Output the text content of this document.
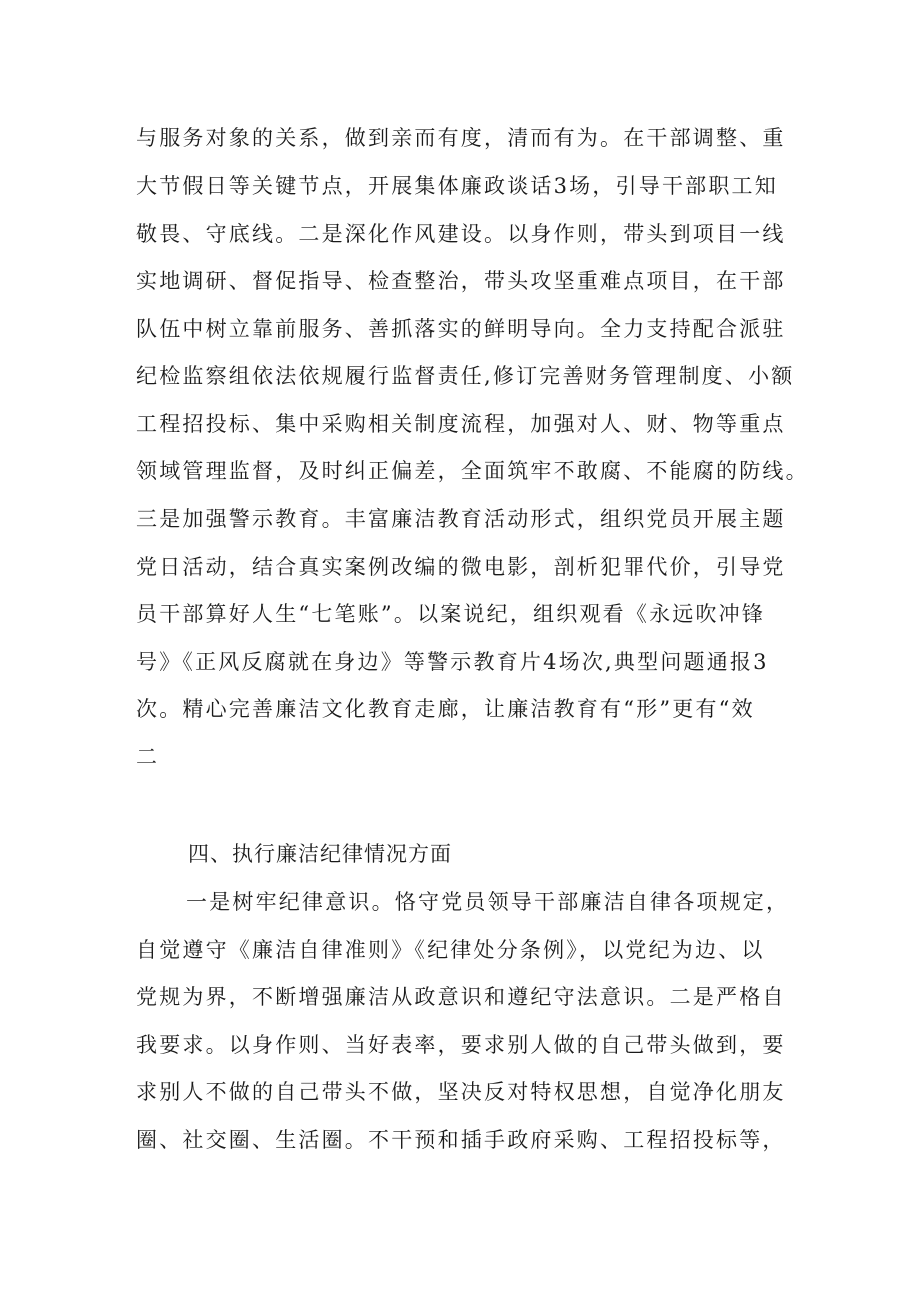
与服务对象的关系，做到亲而有度，清而有为。在干部调整、重
大节假日等关键节点，开展集体廉政谈话3场，引导干部职工知
敬畏、守底线。二是深化作风建设。以身作则，带头到项目一线
实地调研、督促指导、检查整治，带头攻坚重难点项目，在干部
队伍中树立靠前服务、善抓落实的鲜明导向。全力支持配合派驻
纪检监察组依法依规履行监督责任,修订完善财务管理制度、小额
工程招投标、集中采购相关制度流程，加强对人、财、物等重点
领域管理监督，及时纠正偏差，全面筑牢不敢腐、不能腐的防线。
三是加强警示教育。丰富廉洁教育活动形式，组织党员开展主题
党日活动，结合真实案例改编的微电影，剖析犯罪代价，引导党
员干部算好人生“七笔账”。以案说纪，组织观看《永远吹冲锋
号》《正风反腐就在身边》等警示教育片4场次,典型问题通报3
次。精心完善廉洁文化教育走廊，让廉洁教育有“形”更有“效
二
四、执行廉洁纪律情况方面
一是树牢纪律意识。恪守党员领导干部廉洁自律各项规定，
自觉遵守《廉洁自律准则》《纪律处分条例》，以党纪为边、以
党规为界，不断增强廉洁从政意识和遵纪守法意识。二是严格自
我要求。以身作则、当好表率，要求别人做的自己带头做到，要
求别人不做的自己带头不做，坚决反对特权思想，自觉净化朋友
圈、社交圈、生活圈。不干预和插手政府采购、工程招投标等，
